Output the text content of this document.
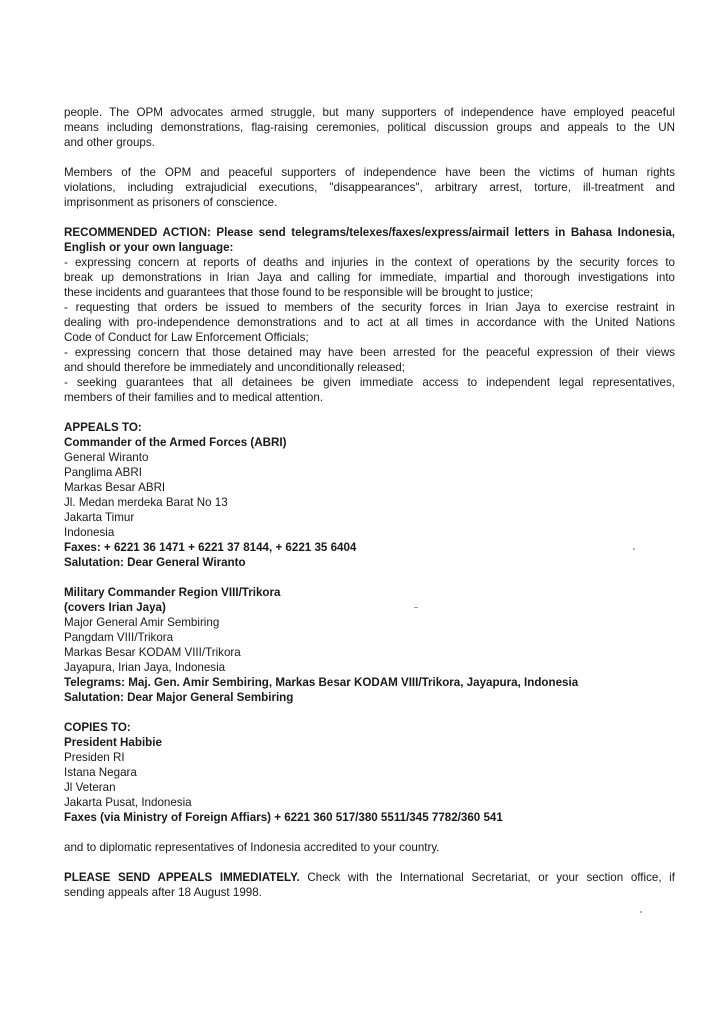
people. The OPM advocates armed struggle, but many supporters of independence have employed peaceful
means including demonstrations, flag-raising ceremonies, political discussion groups and appeals to the UN
and other groups.
Members of the OPM and peaceful supporters of independence have been the victims of human rights
violations, including extrajudicial executions, "disappearances", arbitrary arrest, torture, ill-treatment and
imprisonment as prisoners of conscience.
RECOMMENDED ACTION: Please send telegrams/telexes/faxes/express/airmail letters in Bahasa Indonesia,
English or your own language:
- expressing concern at reports of deaths and injuries in the context of operations by the security forces to
break up demonstrations in Irian Jaya and calling for immediate, impartial and thorough investigations into
these incidents and guarantees that those found to be responsible will be brought to justice;
- requesting that orders be issued to members of the security forces in Irian Jaya to exercise restraint in
dealing with pro-independence demonstrations and to act at all times in accordance with the United Nations
Code of Conduct for Law Enforcement Officials;
- expressing concern that those detained may have been arrested for the peaceful expression of their views
and should therefore be immediately and unconditionally released;
- seeking guarantees that all detainees be given immediate access to independent legal representatives,
members of their families and to medical attention.
APPEALS TO:
Commander of the Armed Forces (ABRI)
General Wiranto
Panglima ABRI
Markas Besar ABRI
Jl. Medan merdeka Barat No 13
Jakarta Timur
Indonesia
Faxes: + 6221 36 1471 + 6221 37 8144, + 6221 35 6404
Salutation: Dear General Wiranto
Military Commander Region VIII/Trikora
(covers Irian Jaya)
Major General Amir Sembiring
Pangdam VIII/Trikora
Markas Besar KODAM VIII/Trikora
Jayapura, Irian Jaya, Indonesia
Telegrams: Maj. Gen. Amir Sembiring, Markas Besar KODAM VIII/Trikora, Jayapura, Indonesia
Salutation: Dear Major General Sembiring
COPIES TO:
President Habibie
Presiden RI
Istana Negara
Jl Veteran
Jakarta Pusat, Indonesia
Faxes (via Ministry of Foreign Affiars) + 6221 360 517/380 5511/345 7782/360 541
and to diplomatic representatives of Indonesia accredited to your country.
PLEASE SEND APPEALS IMMEDIATELY. Check with the International Secretariat, or your section office, if
sending appeals after 18 August 1998.
